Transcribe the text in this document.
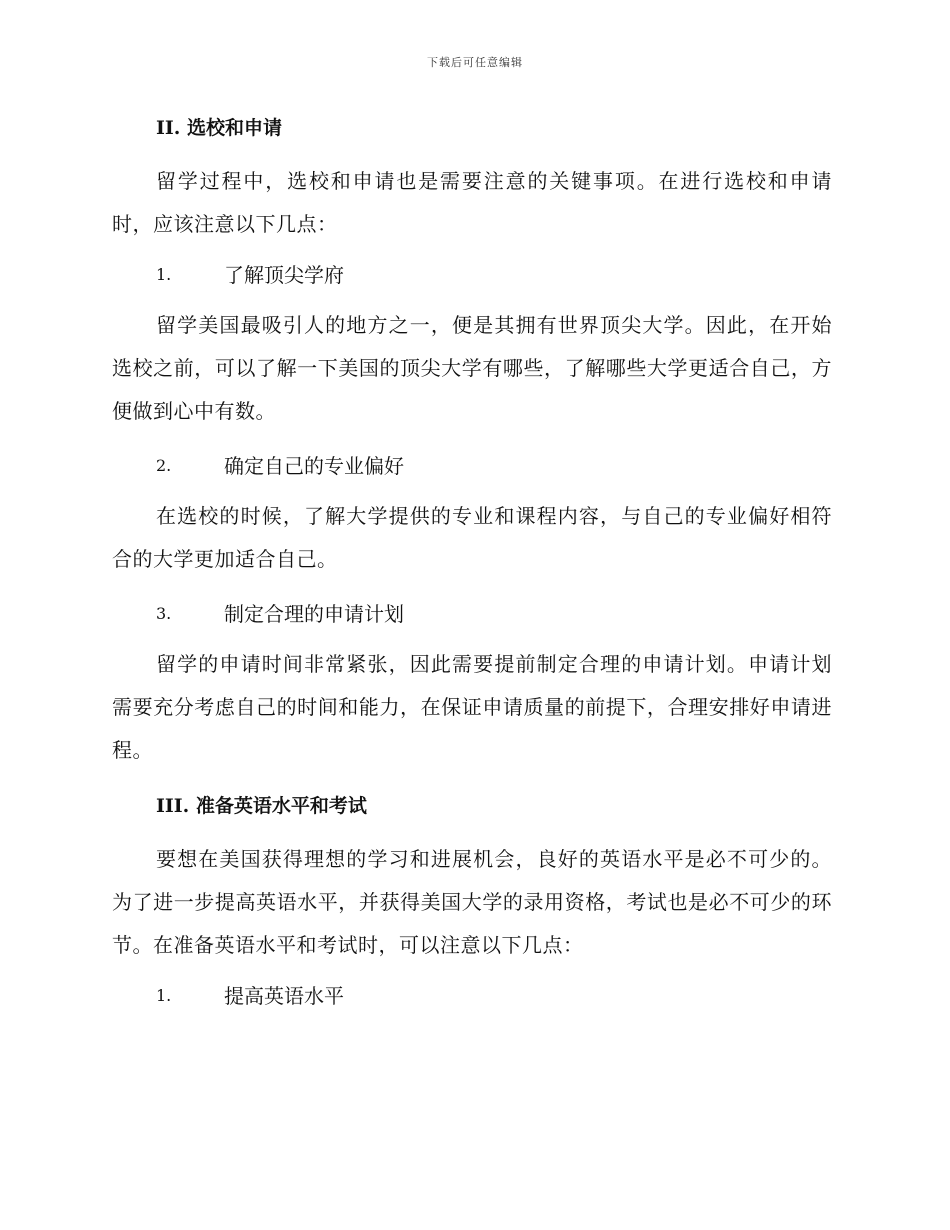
下载后可任意编辑
II. 选校和申请

留学过程中，选校和申请也是需要注意的关键事项。在进行选校和申请时，应该注意以下几点：

1.	了解顶尖学府

留学美国最吸引人的地方之一，便是其拥有世界顶尖大学。因此，在开始选校之前，可以了解一下美国的顶尖大学有哪些，了解哪些大学更适合自己，方便做到心中有数。

2.	确定自己的专业偏好

在选校的时候，了解大学提供的专业和课程内容，与自己的专业偏好相符合的大学更加适合自己。

3.	制定合理的申请计划

留学的申请时间非常紧张，因此需要提前制定合理的申请计划。申请计划需要充分考虑自己的时间和能力，在保证申请质量的前提下，合理安排好申请进程。

III. 准备英语水平和考试

要想在美国获得理想的学习和进展机会，良好的英语水平是必不可少的。为了进一步提高英语水平，并获得美国大学的录用资格，考试也是必不可少的环节。在准备英语水平和考试时，可以注意以下几点：

1.	提高英语水平
